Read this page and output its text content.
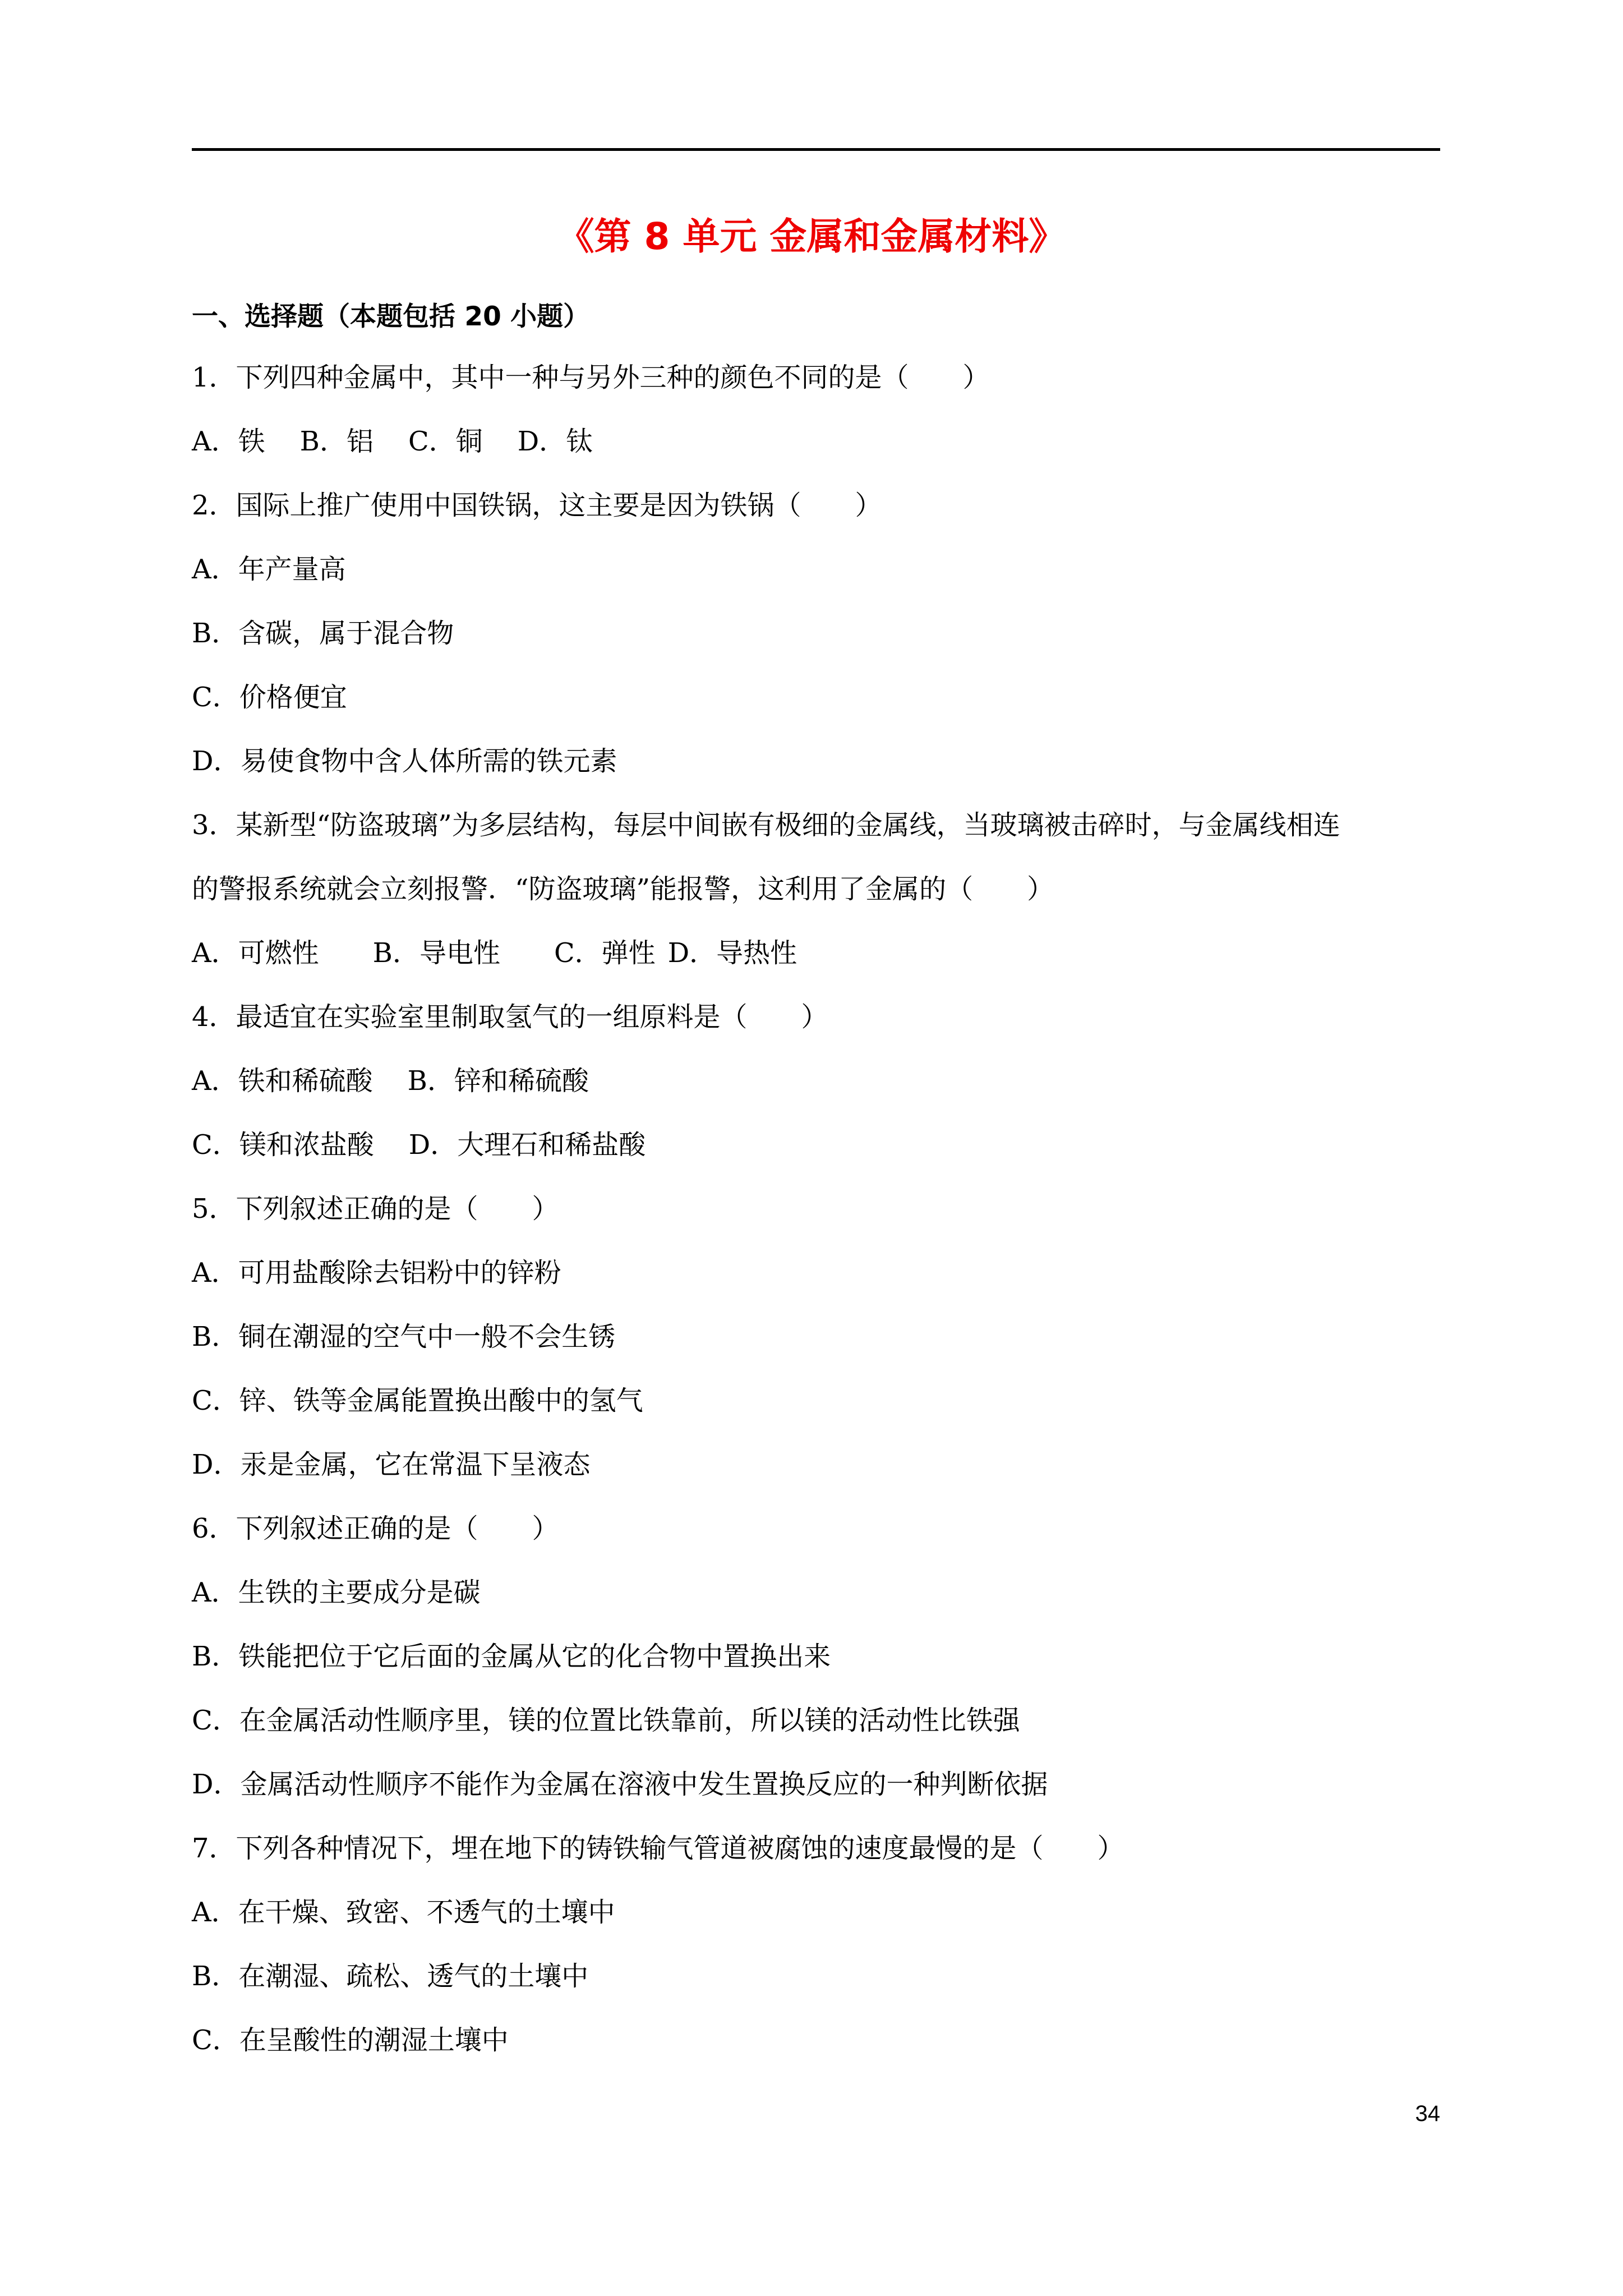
《第 8 单元 金属和金属材料》
一、选择题（本题包括 20 小题）
1．下列四种金属中，其中一种与另外三种的颜色不同的是（　　）
A．铁 B．铝 C．铜 D．钛
2．国际上推广使用中国铁锅，这主要是因为铁锅（　　）
A．年产量高
B．含碳，属于混合物
C．价格便宜
D．易使食物中含人体所需的铁元素
3．某新型“防盗玻璃”为多层结构，每层中间嵌有极细的金属线，当玻璃被击碎时，与金属线相连
的警报系统就会立刻报警．“防盗玻璃”能报警，这利用了金属的（　　）
A．可燃性 B．导电性 C．弹性 D．导热性
4．最适宜在实验室里制取氢气的一组原料是（　　）
A．铁和稀硫酸 B．锌和稀硫酸
C．镁和浓盐酸 D．大理石和稀盐酸
5．下列叙述正确的是（　　）
A．可用盐酸除去铝粉中的锌粉
B．铜在潮湿的空气中一般不会生锈
C．锌、铁等金属能置换出酸中的氢气
D．汞是金属，它在常温下呈液态
6．下列叙述正确的是（　　）
A．生铁的主要成分是碳
B．铁能把位于它后面的金属从它的化合物中置换出来
C．在金属活动性顺序里，镁的位置比铁靠前，所以镁的活动性比铁强
D．金属活动性顺序不能作为金属在溶液中发生置换反应的一种判断依据
7．下列各种情况下，埋在地下的铸铁输气管道被腐蚀的速度最慢的是（　　）
A．在干燥、致密、不透气的土壤中
B．在潮湿、疏松、透气的土壤中
C．在呈酸性的潮湿土壤中
34
